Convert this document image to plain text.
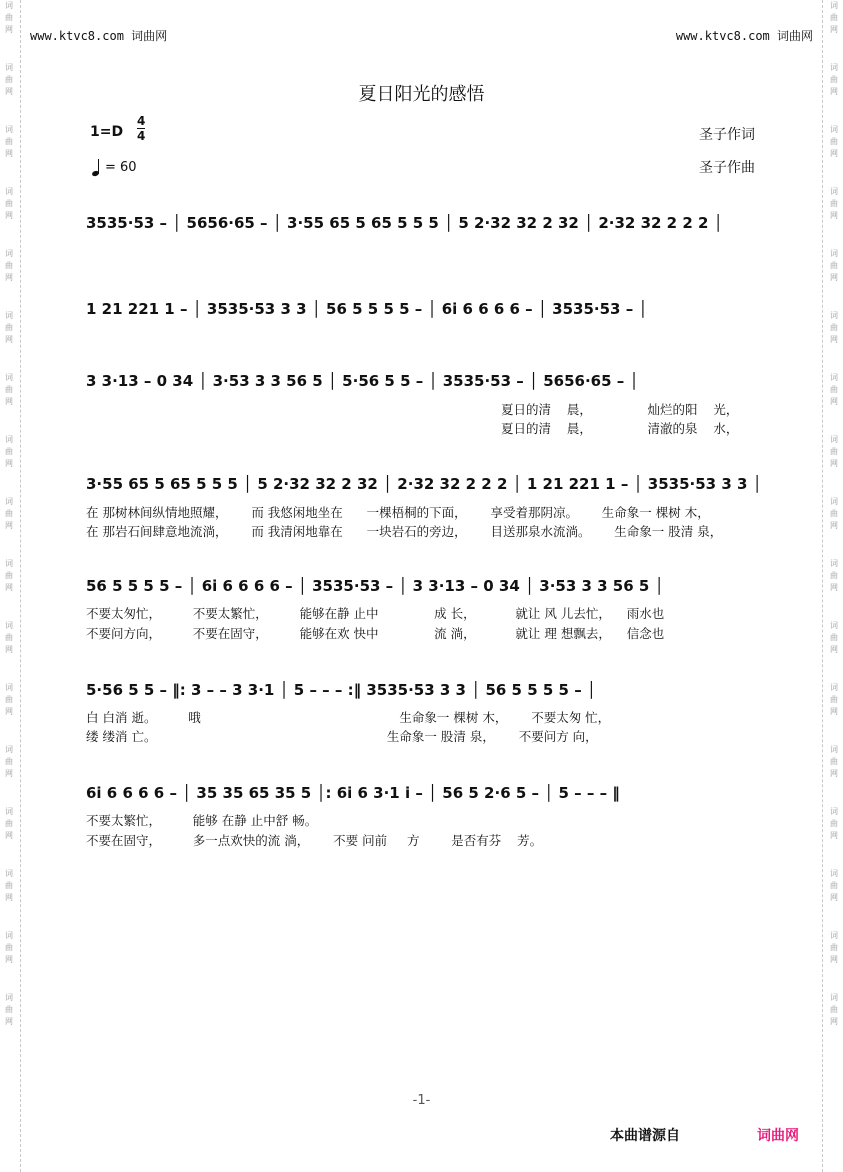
词
曲
网
词
曲
网
词
曲
网
词
曲
网
词
曲
网
词
曲
网
词
曲
网
词
曲
网
词
曲
网
词
曲
网
词
曲
网
词
曲
网
词
曲
网
词
曲
网
词
曲
网
词
曲
网
词
曲
网
词
曲
网
词
曲
网
词
曲
网
词
曲
网
词
曲
网
词
曲
网
词
曲
网
词
曲
网
词
曲
网
词
曲
网
词
曲
网
词
曲
网
词
曲
网
词
曲
网
词
曲
网
词
曲
网
词
曲
网
www.ktvc8.com 词曲网	www.ktvc8.com 词曲网
夏日阳光的感悟
1=D
4
4
= 60
圣子作词
圣子作曲
3535·53 – │ 5656·65 – │ 3·55 65 5 65 5 5 5 │ 5 2·32 32 2 32 │ 2·32 32 2 2 2 │
1 21 221 1 – │ 3535·53 3 3 │ 56 5 5 5 5 – │ 6i 6 6 6 6 – │ 3535·53 – │
3 3·13 – 0 34 │ 3·53 3 3 56 5 │ 5·56 5 5 – │ 3535·53 – │ 5656·65 – │
夏日的清    晨，              灿烂的阳    光，
夏日的清    晨，              清澈的泉    水，
3·55 65 5 65 5 5 5 │ 5 2·32 32 2 32 │ 2·32 32 2 2 2 │ 1 21 221 1 – │ 3535·53 3 3 │
在 那树林间纵情地照耀，      而 我悠闲地坐在      一棵梧桐的下面，      享受着那阴凉。      生命象一 棵树 木，
在 那岩石间肆意地流淌，      而 我清闲地靠在      一块岩石的旁边，      目送那泉水流淌。      生命象一 股清 泉，
56 5 5 5 5 – │ 6i 6 6 6 6 – │ 3535·53 – │ 3 3·13 – 0 34 │ 3·53 3 3 56 5 │
不要太匆忙，        不要太繁忙，        能够在静 止中              成 长，          就让 风 儿去忙，    雨水也
不要问方向，        不要在固守，        能够在欢 快中              流 淌，          就让 理 想飘去，    信念也
5·56 5 5 – ‖: 3 – – 3 3·1 │ 5 – – – :‖ 3535·53 3 3 │ 56 5 5 5 5 – │
白 白消 逝。        哦                                                  生命象一 棵树 木，      不要太匆 忙，
缕 缕消 亡。                                                          生命象一 股清 泉，      不要问方 向，
6i 6 6 6 6 – │ 35 35 65 35 5 │: 6i 6 3·1 i – │ 56 5 2·6 5 – │ 5 – – – ‖
不要太繁忙，        能够 在静 止中舒 畅。
不要在固守，        多一点欢快的流 淌，      不要 问前     方        是否有芬    芳。
-1-
本曲谱源自	词曲网
